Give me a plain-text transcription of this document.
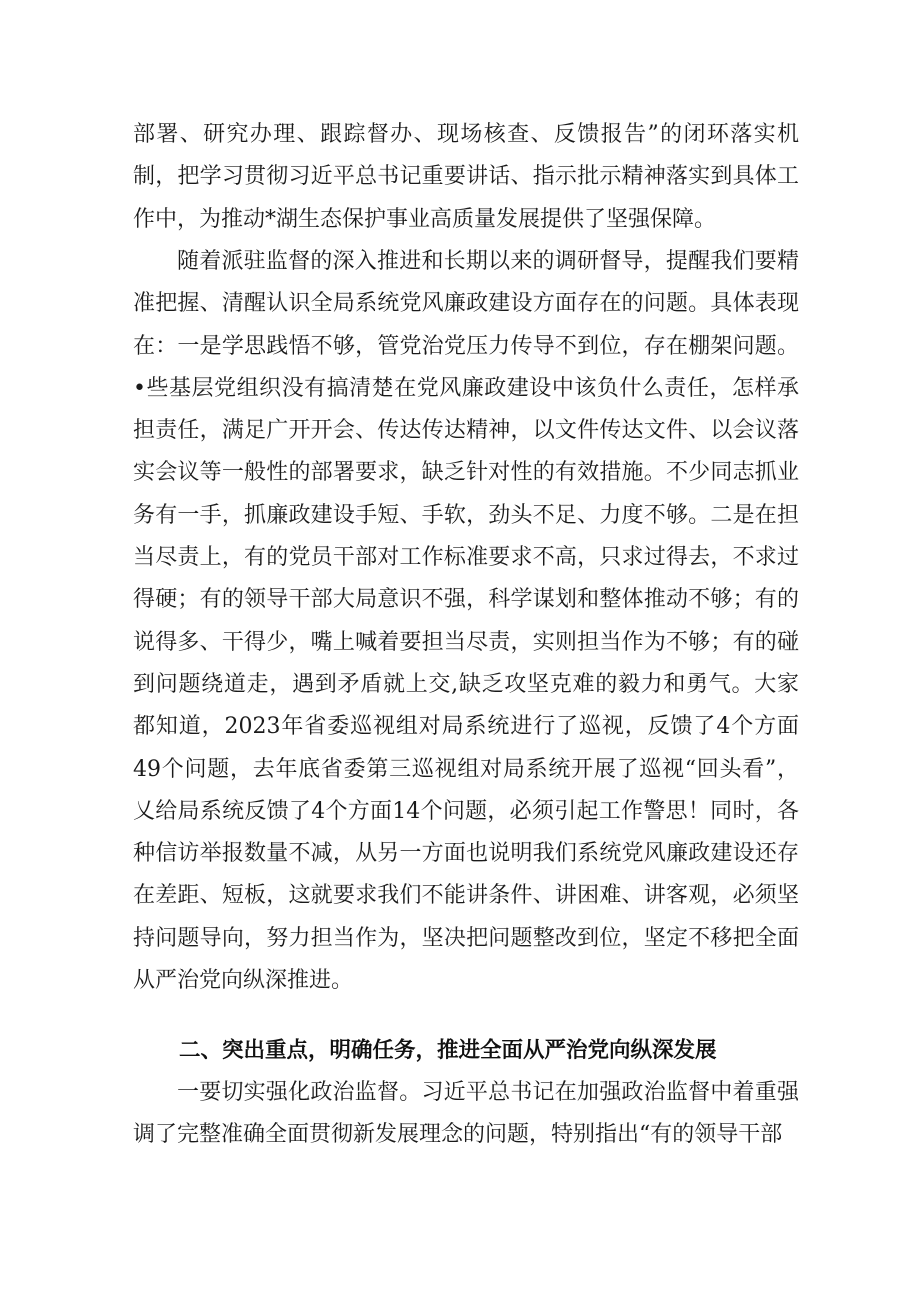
部署、研究办理、跟踪督办、现场核查、反馈报告”的闭环落实机制，把学习贯彻习近平总书记重要讲话、指示批示精神落实到具体工作中，为推动*湖生态保护事业高质量发展提供了坚强保障。

随着派驻监督的深入推进和长期以来的调研督导，提醒我们要精准把握、清醒认识全局系统党风廉政建设方面存在的问题。具体表现在：一是学思践悟不够，管党治党压力传导不到位，存在棚架问题。•些基层党组织没有搞清楚在党风廉政建设中该负什么责任，怎样承担责任，满足广开开会、传达传达精神，以文件传达文件、以会议落实会议等一般性的部署要求，缺乏针对性的有效措施。不少同志抓业务有一手，抓廉政建设手短、手软，劲头不足、力度不够。二是在担当尽责上，有的党员干部对工作标准要求不高，只求过得去，不求过得硬；有的领导干部大局意识不强，科学谋划和整体推动不够；有的说得多、干得少，嘴上喊着要担当尽责，实则担当作为不够；有的碰到问题绕道走，遇到矛盾就上交,缺乏攻坚克难的毅力和勇气。大家都知道，2023年省委巡视组对局系统进行了巡视，反馈了4个方面49个问题，去年底省委第三巡视组对局系统开展了巡视“回头看”，乂给局系统反馈了4个方面14个问题，必须引起工作警思！同时，各种信访举报数量不减，从另一方面也说明我们系统党风廉政建设还存在差距、短板，这就要求我们不能讲条件、讲困难、讲客观，必须坚持问题导向，努力担当作为，坚决把问题整改到位，坚定不移把全面从严治党向纵深推进。

二、突出重点，明确任务，推进全面从严治党向纵深发展

一要切实强化政治监督。习近平总书记在加强政治监督中着重强调了完整准确全面贯彻新发展理念的问题，特别指出“有的领导干部
